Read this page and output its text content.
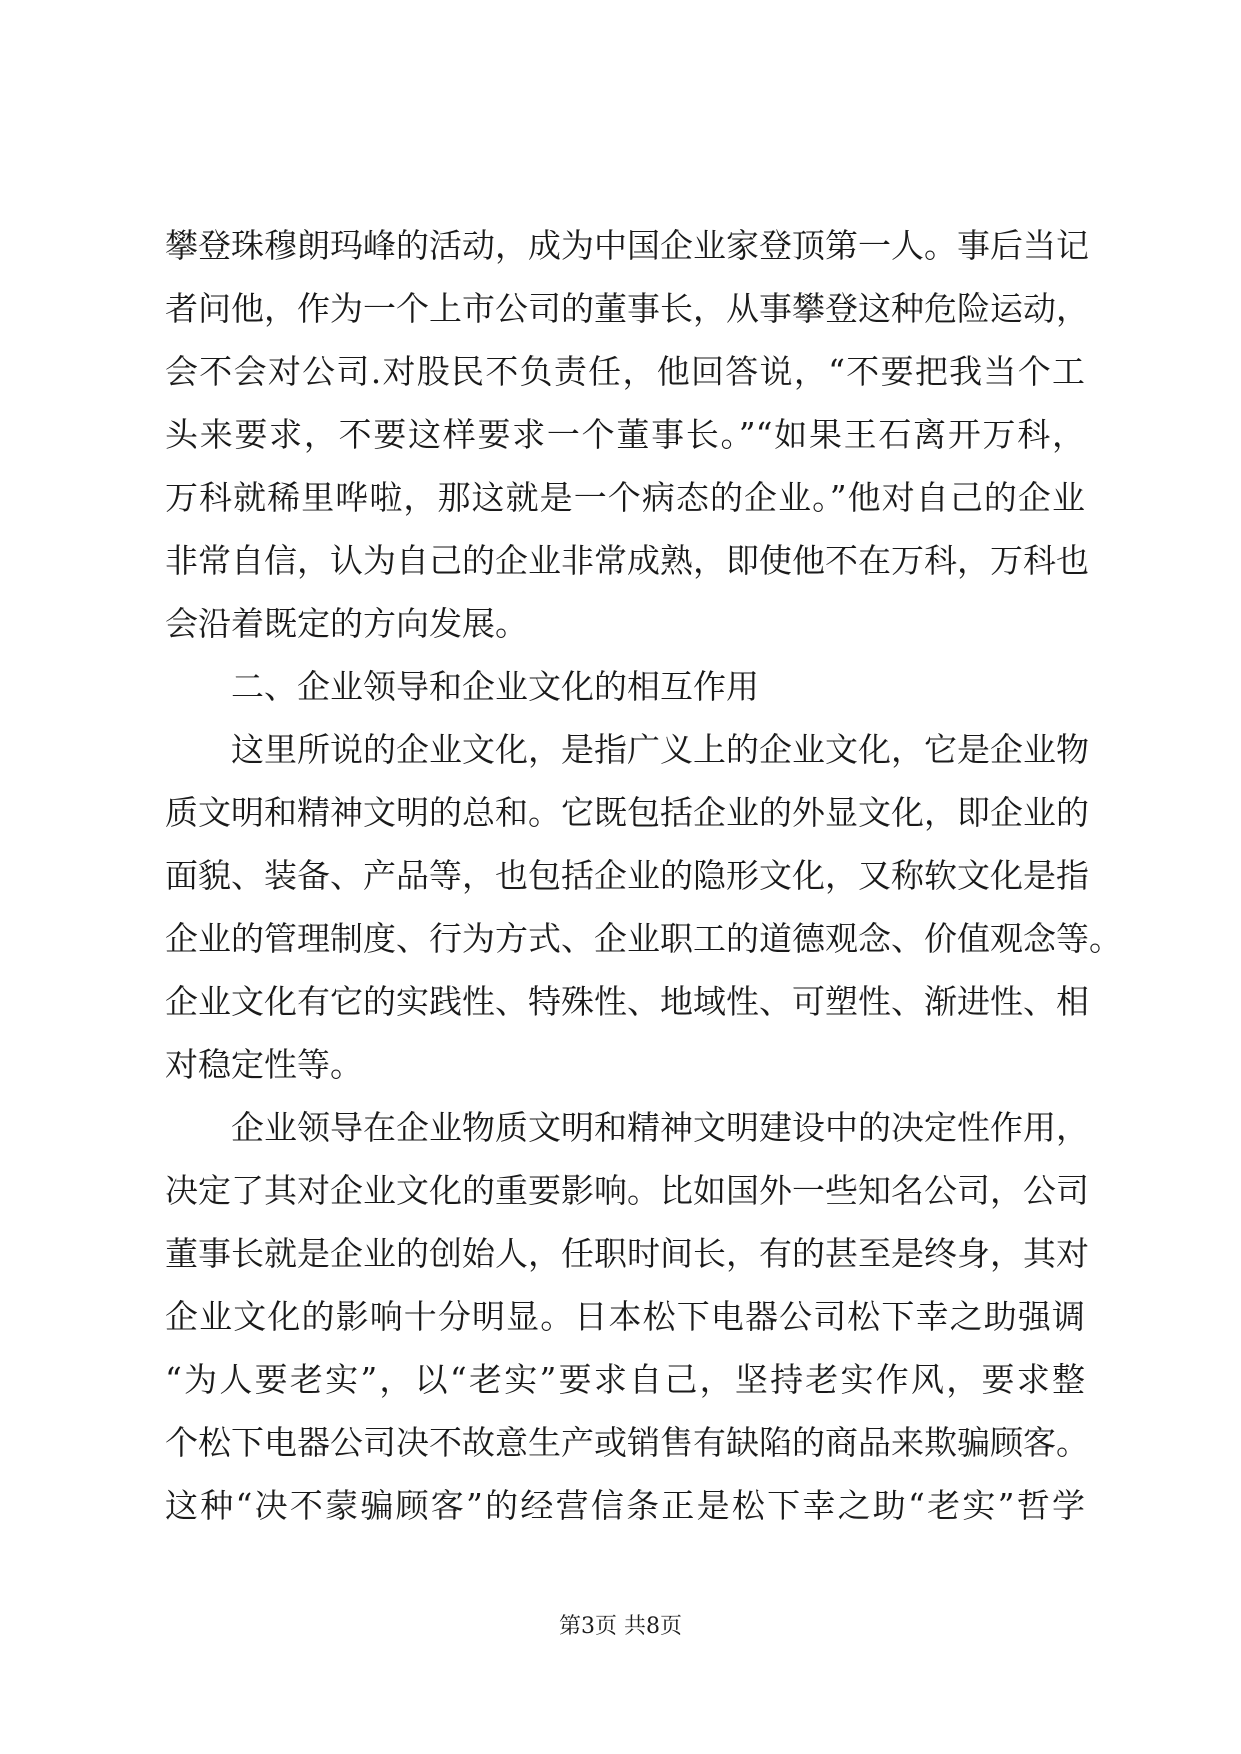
攀登珠穆朗玛峰的活动，成为中国企业家登顶第一人。事后当记
者问他，作为一个上市公司的董事长，从事攀登这种危险运动，
会不会对公司.对股民不负责任，他回答说，“不要把我当个工
头来要求，不要这样要求一个董事长。”“如果王石离开万科，
万科就稀里哗啦，那这就是一个病态的企业。”他对自己的企业
非常自信，认为自己的企业非常成熟，即使他不在万科，万科也
会沿着既定的方向发展。
二、企业领导和企业文化的相互作用
这里所说的企业文化，是指广义上的企业文化，它是企业物
质文明和精神文明的总和。它既包括企业的外显文化，即企业的
面貌、装备、产品等，也包括企业的隐形文化，又称软文化是指
企业的管理制度、行为方式、企业职工的道德观念、价值观念等。
企业文化有它的实践性、特殊性、地域性、可塑性、渐进性、相
对稳定性等。
企业领导在企业物质文明和精神文明建设中的决定性作用，
决定了其对企业文化的重要影响。比如国外一些知名公司，公司
董事长就是企业的创始人，任职时间长，有的甚至是终身，其对
企业文化的影响十分明显。日本松下电器公司松下幸之助强调
“为人要老实”，以“老实”要求自己，坚持老实作风，要求整
个松下电器公司决不故意生产或销售有缺陷的商品来欺骗顾客。
这种“决不蒙骗顾客”的经营信条正是松下幸之助“老实”哲学
第3页 共8页
